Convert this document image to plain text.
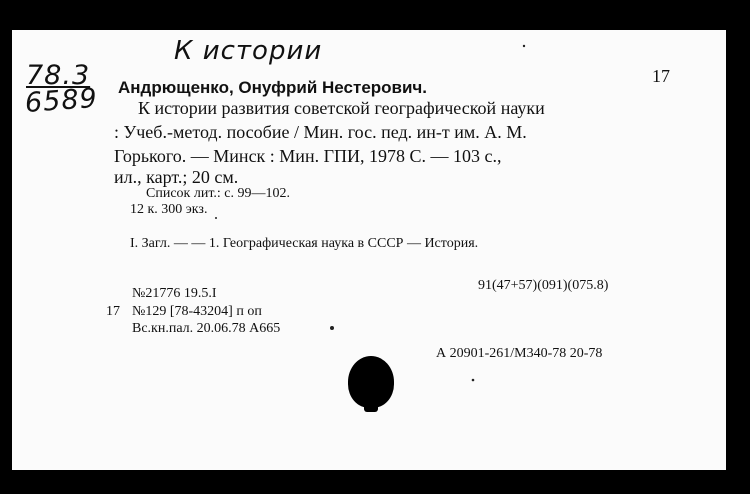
К истории
78.3
6589
17
Андрющенко, Онуфрий Нестерович.
К истории развития советской географической науки
: Учеб.-метод. пособие / Мин. гос. пед. ин-т им. А. М.
Горького. — Минск : Мин. ГПИ, 1978 С. — 103 с.,
ил., карт.; 20 см.
Список лит.: с. 99—102.
12 к. 300 экз.
I. Загл. — — 1. Географическая наука в СССР — История.
91(47+57)(091)(075.8)
№21776 19.5.I
17 №129 [78-43204] п оп
Вс.кн.пал. 20.06.78 А665
А 20901-261/М340-78 20-78
